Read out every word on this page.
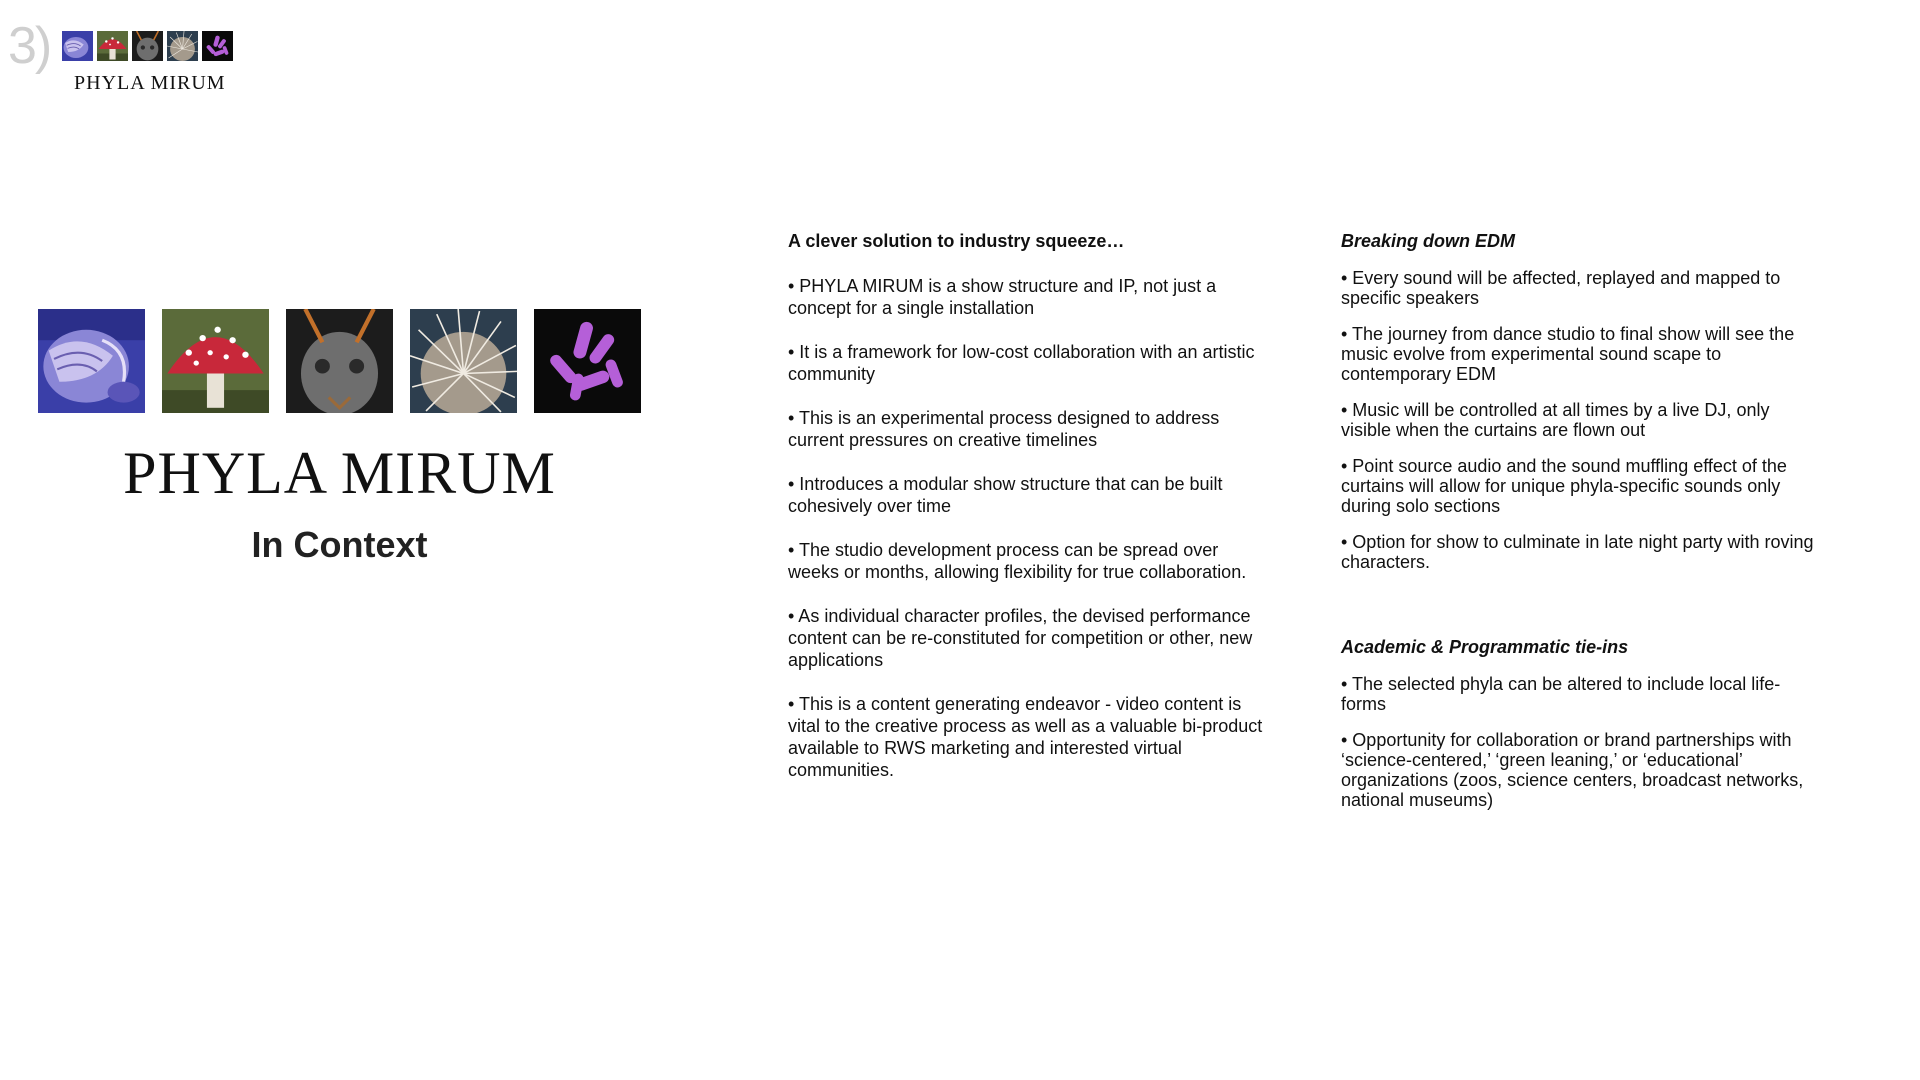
3)
PHYLA MIRUM
PHYLA MIRUM
In Context
A clever solution to industry squeeze…
• PHYLA MIRUM is a show structure and IP, not just a concept for a single installation
• It is a framework for low-cost collaboration with an artistic community
• This is an experimental process designed to address current pressures on creative timelines
• Introduces a modular show structure that can be built cohesively over time
• The studio development process can be spread over weeks or months, allowing flexibility for true collaboration.
• As individual character profiles, the devised performance content can be re-constituted for competition or other, new applications
• This is a content generating endeavor - video content is vital to the creative process as well as a valuable bi-product available to RWS marketing and interested virtual communities.
Breaking down EDM
• Every sound will be affected, replayed and mapped to specific speakers
• The journey from dance studio to final show will see the music evolve from experimental sound scape to contemporary EDM
• Music will be controlled at all times by a live DJ, only visible when the curtains are flown out
• Point source audio and the sound muffling effect of the curtains will allow for unique phyla-specific sounds only during solo sections
• Option for show to culminate in late night party with roving characters.
Academic & Programmatic tie-ins
• The selected phyla can be altered to include local life-forms
• Opportunity for collaboration or brand partnerships with ‘science-centered,’ ‘green leaning,’ or ‘educational’ organizations (zoos, science centers, broadcast networks, national museums)
